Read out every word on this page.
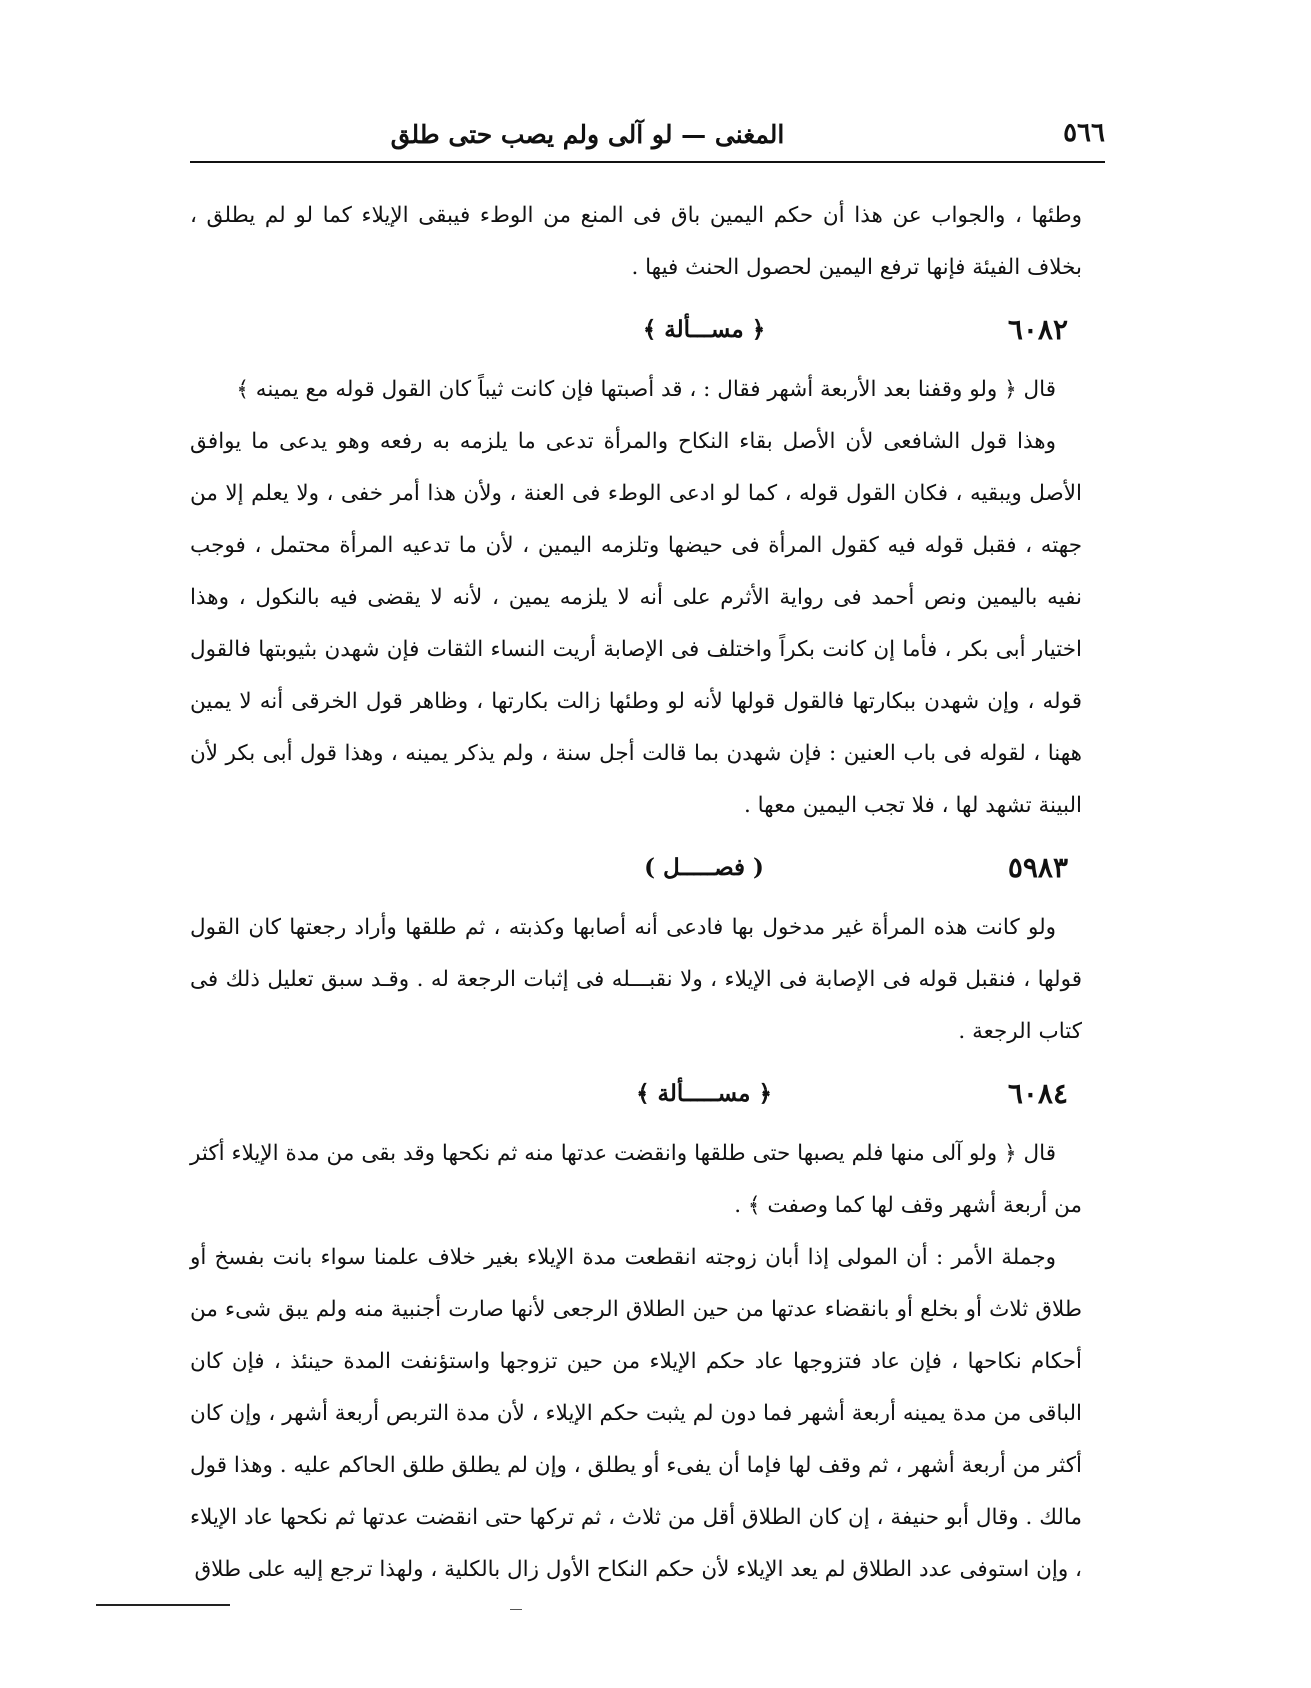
٥٦٦
المغنى — لو آلى ولم يصب حتى طلق

وطئها ، والجواب عن هذا أن حكم اليمين باق فى المنع من الوطء فيبقى الإيلاء كما لو لم يطلق ، بخلاف الفيئة فإنها ترفع اليمين لحصول الحنث فيها .

٦٠٨٢
﴿ مســـألة ﴾

قال ﴿ ولو وقفنا بعد الأربعة أشهر فقال : ، قد أصبتها فإن كانت ثيباً كان القول قوله مع يمينه ﴾

وهذا قول الشافعى لأن الأصل بقاء النكاح والمرأة تدعى ما يلزمه به رفعه وهو يدعى ما يوافق الأصل ويبقيه ، فكان القول قوله ، كما لو ادعى الوطء فى العنة ، ولأن هذا أمر خفى ، ولا يعلم إلا من جهته ، فقبل قوله فيه كقول المرأة فى حيضها وتلزمه اليمين ، لأن ما تدعيه المرأة محتمل ، فوجب نفيه باليمين ونص أحمد فى رواية الأثرم على أنه لا يلزمه يمين ، لأنه لا يقضى فيه بالنكول ، وهذا اختيار أبى بكر ، فأما إن كانت بكراً واختلف فى الإصابة أريت النساء الثقات فإن شهدن بثيوبتها فالقول قوله ، وإن شهدن ببكارتها فالقول قولها لأنه لو وطئها زالت بكارتها ، وظاهر قول الخرقى أنه لا يمين ههنا ، لقوله فى باب العنين : فإن شهدن بما قالت أجل سنة ، ولم يذكر يمينه ، وهذا قول أبى بكر لأن البينة تشهد لها ، فلا تجب اليمين معها .

٥٩٨٣
( فصـــــل )

ولو كانت هذه المرأة غير مدخول بها فادعى أنه أصابها وكذبته ، ثم طلقها وأراد رجعتها كان القول قولها ، فنقبل قوله فى الإصابة فى الإيلاء ، ولا نقبـــله فى إثبات الرجعة له . وقـد سبق تعليل ذلك فى كتاب الرجعة .

٦٠٨٤
﴿ مســـــألة ﴾

قال ﴿ ولو آلى منها فلم يصبها حتى طلقها وانقضت عدتها منه ثم نكحها وقد بقى من مدة الإيلاء أكثر من أربعة أشهر وقف لها كما وصفت ﴾ .

وجملة الأمر : أن المولى إذا أبان زوجته انقطعت مدة الإيلاء بغير خلاف علمنا سواء بانت بفسخ أو طلاق ثلاث أو بخلع أو بانقضاء عدتها من حين الطلاق الرجعى لأنها صارت أجنبية منه ولم يبق شىء من أحكام نكاحها ، فإن عاد فتزوجها عاد حكم الإيلاء من حين تزوجها واستؤنفت المدة حينئذ ، فإن كان الباقى من مدة يمينه أربعة أشهر فما دون لم يثبت حكم الإيلاء ، لأن مدة التربص أربعة أشهر ، وإن كان أكثر من أربعة أشهر ، ثم وقف لها فإما أن يفىء أو يطلق ، وإن لم يطلق طلق الحاكم عليه . وهذا قول مالك . وقال أبو حنيفة ، إن كان الطلاق أقل من ثلاث ، ثم تركها حتى انقضت عدتها ثم نكحها عاد الإيلاء ، وإن استوفى عدد الطلاق لم يعد الإيلاء لأن حكم النكاح الأول زال بالكلية ، ولهذا ترجع إليه على طلاق
